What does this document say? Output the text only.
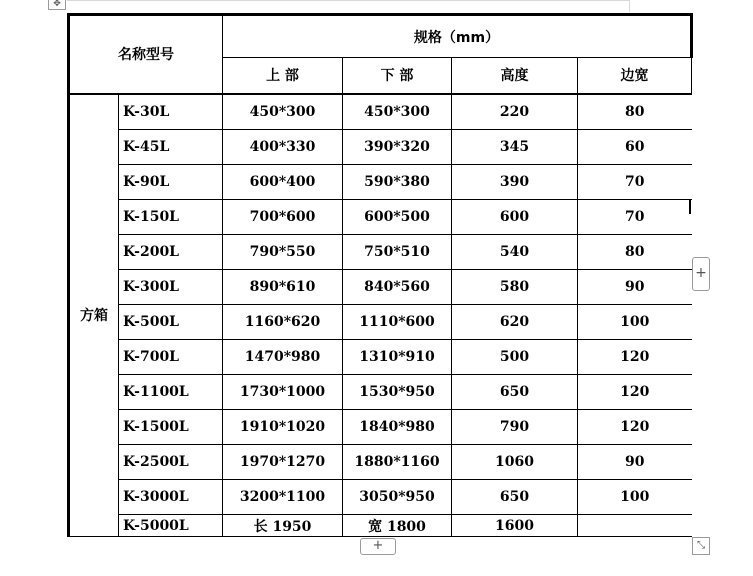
✥
名称型号		规格（mm）			
		上 部	下 部	高度	边宽
方箱	K-30L	450*300	450*300	220	80
	K-45L	400*330	390*320	345	60
	K-90L	600*400	590*380	390	70
	K-150L	700*600	600*500	600	70
	K-200L	790*550	750*510	540	80
	K-300L	890*610	840*560	580	90
	K-500L	1160*620	1110*600	620	100
	K-700L	1470*980	1310*910	500	120
	K-1100L	1730*1000	1530*950	650	120
	K-1500L	1910*1020	1840*980	790	120
	K-2500L	1970*1270	1880*1160	1060	90
	K-3000L	3200*1100	3050*950	650	100
	K-5000L	长 1950	宽 1800	1600	
+
+	⤡
